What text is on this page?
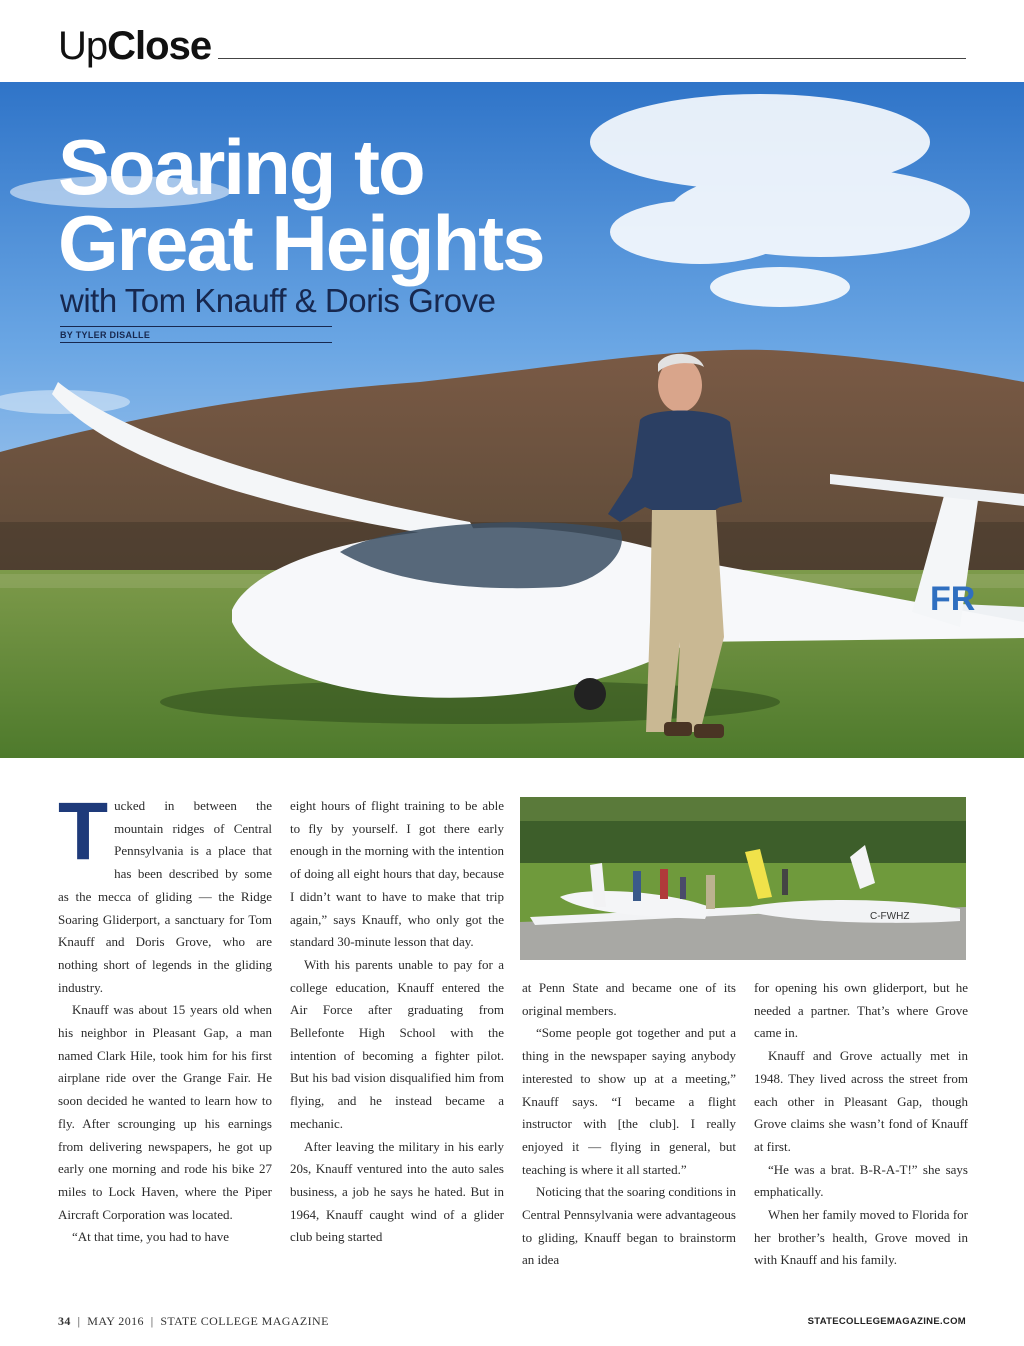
UpClose
FR
Soaring to
Great Heights
with Tom Knauff & Doris Grove
BY TYLER DISALLE
C-FWHZ

Tucked in between the mountain ridges of Central Pennsylvania is a place that has been described by some as the mecca of gliding — the Ridge Soaring Gliderport, a sanctuary for Tom Knauff and Doris Grove, who are nothing short of legends in the gliding industry.

Knauff was about 15 years old when his neighbor in Pleasant Gap, a man named Clark Hile, took him for his first airplane ride over the Grange Fair. He soon decided he wanted to learn how to fly. After scrounging up his earnings from delivering newspapers, he got up early one morning and rode his bike 27 miles to Lock Haven, where the Piper Aircraft Corporation was located.

“At that time, you had to have

eight hours of flight training to be able to fly by yourself. I got there early enough in the morning with the intention of doing all eight hours that day, because I didn’t want to have to make that trip again,” says Knauff, who only got the standard 30-minute lesson that day.

With his parents unable to pay for a college education, Knauff entered the Air Force after graduating from Bellefonte High School with the intention of becoming a fighter pilot. But his bad vision disqualified him from flying, and he instead became a mechanic.

After leaving the military in his early 20s, Knauff ventured into the auto sales business, a job he says he hated. But in 1964, Knauff caught wind of a glider club being started

at Penn State and became one of its original members.

“Some people got together and put a thing in the newspaper saying anybody interested to show up at a meeting,” Knauff says. “I became a flight instructor with [the club]. I really enjoyed it — flying in general, but teaching is where it all started.”

Noticing that the soaring conditions in Central Pennsylvania were advantageous to gliding, Knauff began to brainstorm an idea

for opening his own gliderport, but he needed a partner. That’s where Grove came in.

Knauff and Grove actually met in 1948. They lived across the street from each other in Pleasant Gap, though Grove claims she wasn’t fond of Knauff at first.

“He was a brat. B-R-A-T!” she says emphatically.

When her family moved to Florida for her brother’s health, Grove moved in with Knauff and his family.

34 | MAY 2016 | STATE COLLEGE MAGAZINE	STATECOLLEGEMAGAZINE.COM
